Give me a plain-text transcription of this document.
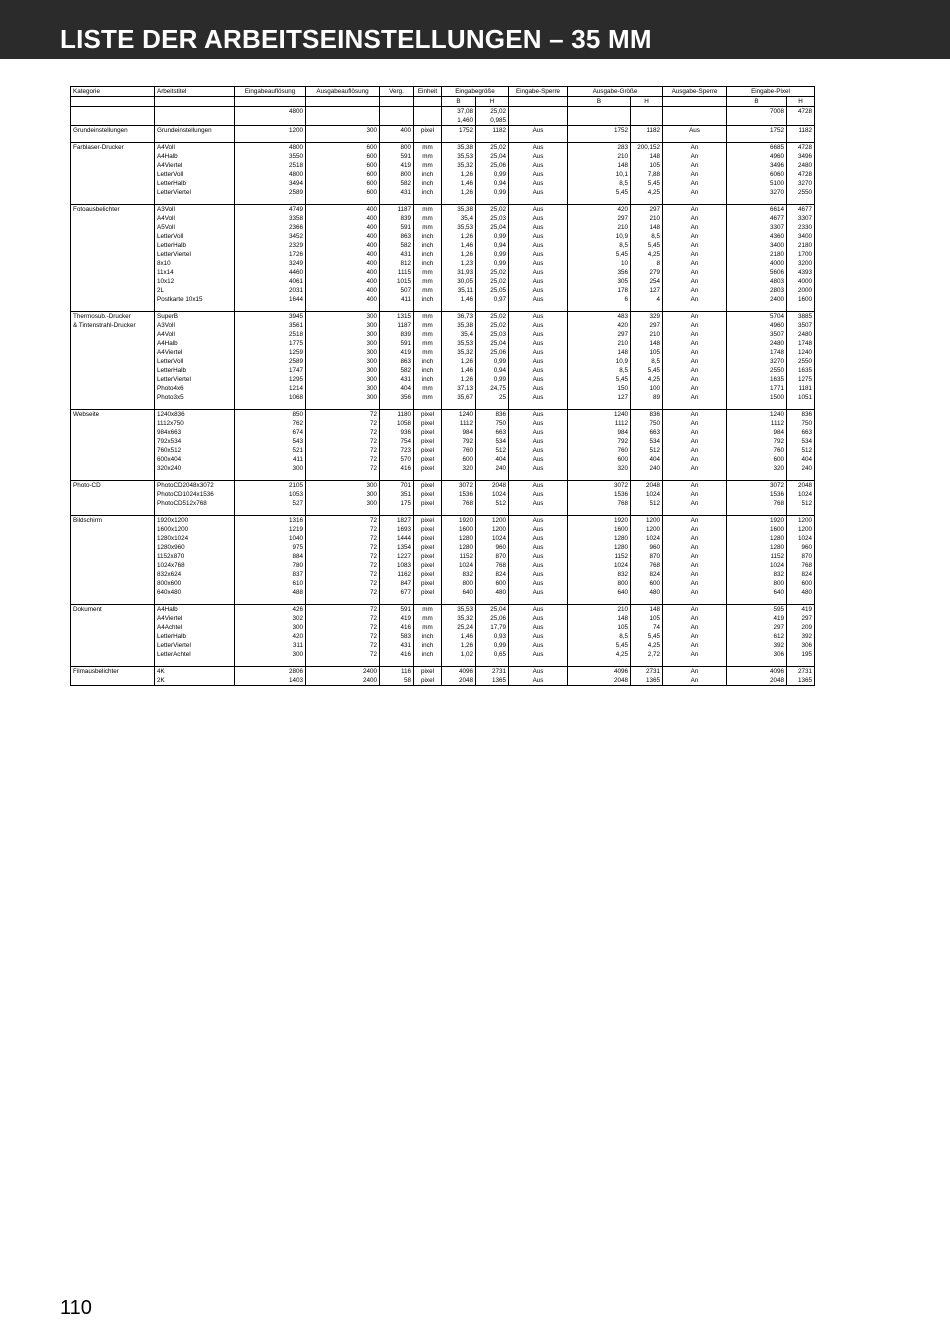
LISTE DER ARBEITSEINSTELLUNGEN – 35 MM
Kategorie	Arbeitstitel	Eingabeauflösung	Ausgabeauflösung	Verg.	Einheit	Eingabegröße		Eingabe-Sperre	Ausgabe-Größe		Ausgabe-Sperre	Eingabe-Pixel	
						B	H		B	H		B	H
		4800				37,08	25,02					7008	4728
						1,460	0,985						
Grundeinstellungen	Grundeinstellungen	1200	300	400	pixel	1752	1182	Aus	1752	1182	Aus	1752	1182

Farblaser-Drucker	A4Voll	4800	600	800	mm	35,38	25,02	Aus	283	200,152	An	6685	4728
	A4Halb	3550	600	591	mm	35,53	25,04	Aus	210	148	An	4960	3496
	A4Viertel	2518	600	419	mm	35,32	25,06	Aus	148	105	An	3496	2480
	LetterVoll	4800	600	800	inch	1,26	0,99	Aus	10,1	7,88	An	6060	4728
	LetterHalb	3494	600	582	inch	1,46	0,94	Aus	8,5	5,45	An	5100	3270
	LetterViertel	2589	600	431	inch	1,26	0,99	Aus	5,45	4,25	An	3270	2550

Fotoausbelichter	A3Voll	4749	400	1187	mm	35,38	25,02	Aus	420	297	An	6614	4677
	A4Voll	3358	400	839	mm	35,4	25,03	Aus	297	210	An	4677	3307
	A5Voll	2366	400	591	mm	35,53	25,04	Aus	210	148	An	3307	2330
	LetterVoll	3452	400	863	inch	1,26	0,99	Aus	10,9	8,5	An	4360	3400
	LetterHalb	2329	400	582	inch	1,46	0,94	Aus	8,5	5,45	An	3400	2180
	LetterViertel	1726	400	431	inch	1,26	0,99	Aus	5,45	4,25	An	2180	1700
	8x10	3249	400	812	inch	1,23	0,99	Aus	10	8	An	4000	3200
	11x14	4460	400	1115	mm	31,93	25,02	Aus	356	279	An	5606	4393
	10x12	4061	400	1015	mm	30,05	25,02	Aus	305	254	An	4803	4000
	2L	2031	400	507	mm	35,11	25,05	Aus	178	127	An	2803	2000
	Postkarte 10x15	1644	400	411	inch	1,46	0,97	Aus	6	4	An	2400	1600

Thermosub.-Drucker	SuperB	3945	300	1315	mm	36,73	25,02	Aus	483	329	An	5704	3885
& Tintenstrahl-Drucker	A3Voll	3561	300	1187	mm	35,38	25,02	Aus	420	297	An	4960	3507
	A4Voll	2518	300	839	mm	35,4	25,03	Aus	297	210	An	3507	2480
	A4Halb	1775	300	591	mm	35,53	25,04	Aus	210	148	An	2480	1748
	A4Viertel	1259	300	419	mm	35,32	25,06	Aus	148	105	An	1748	1240
	LetterVoll	2589	300	863	inch	1,26	0,99	Aus	10,9	8,5	An	3270	2550
	LetterHalb	1747	300	582	inch	1,46	0,94	Aus	8,5	5,45	An	2550	1635
	LetterViertel	1295	300	431	inch	1,26	0,99	Aus	5,45	4,25	An	1635	1275
	Photo4x6	1214	300	404	mm	37,13	24,75	Aus	150	100	An	1771	1181
	Photo3x5	1068	300	356	mm	35,67	25	Aus	127	89	An	1500	1051

Webseite	1240x836	850	72	1180	pixel	1240	836	Aus	1240	836	An	1240	836
	1112x750	762	72	1058	pixel	1112	750	Aus	1112	750	An	1112	750
	984x663	674	72	936	pixel	984	663	Aus	984	663	An	984	663
	792x534	543	72	754	pixel	792	534	Aus	792	534	An	792	534
	760x512	521	72	723	pixel	760	512	Aus	760	512	An	760	512
	600x404	411	72	570	pixel	600	404	Aus	600	404	An	600	404
	320x240	300	72	416	pixel	320	240	Aus	320	240	An	320	240

Photo-CD	PhotoCD2048x3072	2105	300	701	pixel	3072	2048	Aus	3072	2048	An	3072	2048
	PhotoCD1024x1536	1053	300	351	pixel	1536	1024	Aus	1536	1024	An	1536	1024
	PhotoCD512x768	527	300	175	pixel	768	512	Aus	768	512	An	768	512

Bildschirm	1920x1200	1316	72	1827	pixel	1920	1200	Aus	1920	1200	An	1920	1200
	1600x1200	1219	72	1693	pixel	1600	1200	Aus	1600	1200	An	1600	1200
	1280x1024	1040	72	1444	pixel	1280	1024	Aus	1280	1024	An	1280	1024
	1280x960	975	72	1354	pixel	1280	960	Aus	1280	960	An	1280	960
	1152x870	884	72	1227	pixel	1152	870	Aus	1152	870	An	1152	870
	1024x768	780	72	1083	pixel	1024	768	Aus	1024	768	An	1024	768
	832x624	837	72	1162	pixel	832	824	Aus	832	824	An	832	824
	800x600	610	72	847	pixel	800	600	Aus	800	600	An	800	600
	640x480	488	72	677	pixel	640	480	Aus	640	480	An	640	480

Dokument	A4Halb	426	72	591	mm	35,53	25,04	Aus	210	148	An	595	419
	A4Viertel	302	72	419	mm	35,32	25,06	Aus	148	105	An	419	297
	A4Achtel	300	72	416	mm	25,24	17,79	Aus	105	74	An	297	209
	LetterHalb	420	72	583	inch	1,46	0,93	Aus	8,5	5,45	An	612	392
	LetterViertel	311	72	431	inch	1,26	0,99	Aus	5,45	4,25	An	392	306
	LetterAchtel	300	72	416	inch	1,02	0,65	Aus	4,25	2,72	An	306	195

Filmausbelichter	4K	2806	2400	116	pixel	4096	2731	Aus	4096	2731	An	4096	2731
	2K	1403	2400	58	pixel	2048	1365	Aus	2048	1365	An	2048	1365
110
